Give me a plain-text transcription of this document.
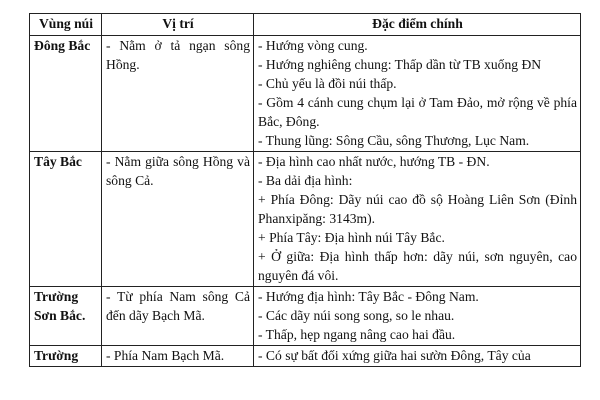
Vùng núi	Vị trí	Đặc điểm chính
Đông Bắc	- Nằm ở tả ngạn sông Hồng.	- Hướng vòng cung.
- Hướng nghiêng chung: Thấp dần từ TB xuống ĐN
- Chủ yếu là đồi núi thấp.
- Gồm 4 cánh cung chụm lại ở Tam Đảo, mở rộng về phía Bắc, Đông.
- Thung lũng: Sông Cầu, sông Thương, Lục Nam.

Tây Bắc	- Nằm giữa sông Hồng và sông Cả.	- Địa hình cao nhất nước, hướng TB - ĐN.
- Ba dải địa hình:
+ Phía Đông: Dãy núi cao đồ sộ Hoàng Liên Sơn (Đỉnh Phanxipăng: 3143m).
+ Phía Tây: Địa hình núi Tây Bắc.
+ Ở giữa: Địa hình thấp hơn: dãy núi, sơn nguyên, cao nguyên đá vôi.

Trường Sơn Bắc.	- Từ phía Nam sông Cả đến dãy Bạch Mã.	- Hướng địa hình: Tây Bắc - Đông Nam.
- Các dãy núi song song, so le nhau.
- Thấp, hẹp ngang nâng cao hai đầu.

Trường	- Phía Nam Bạch Mã.	- Có sự bất đối xứng giữa hai sườn Đông, Tây của
